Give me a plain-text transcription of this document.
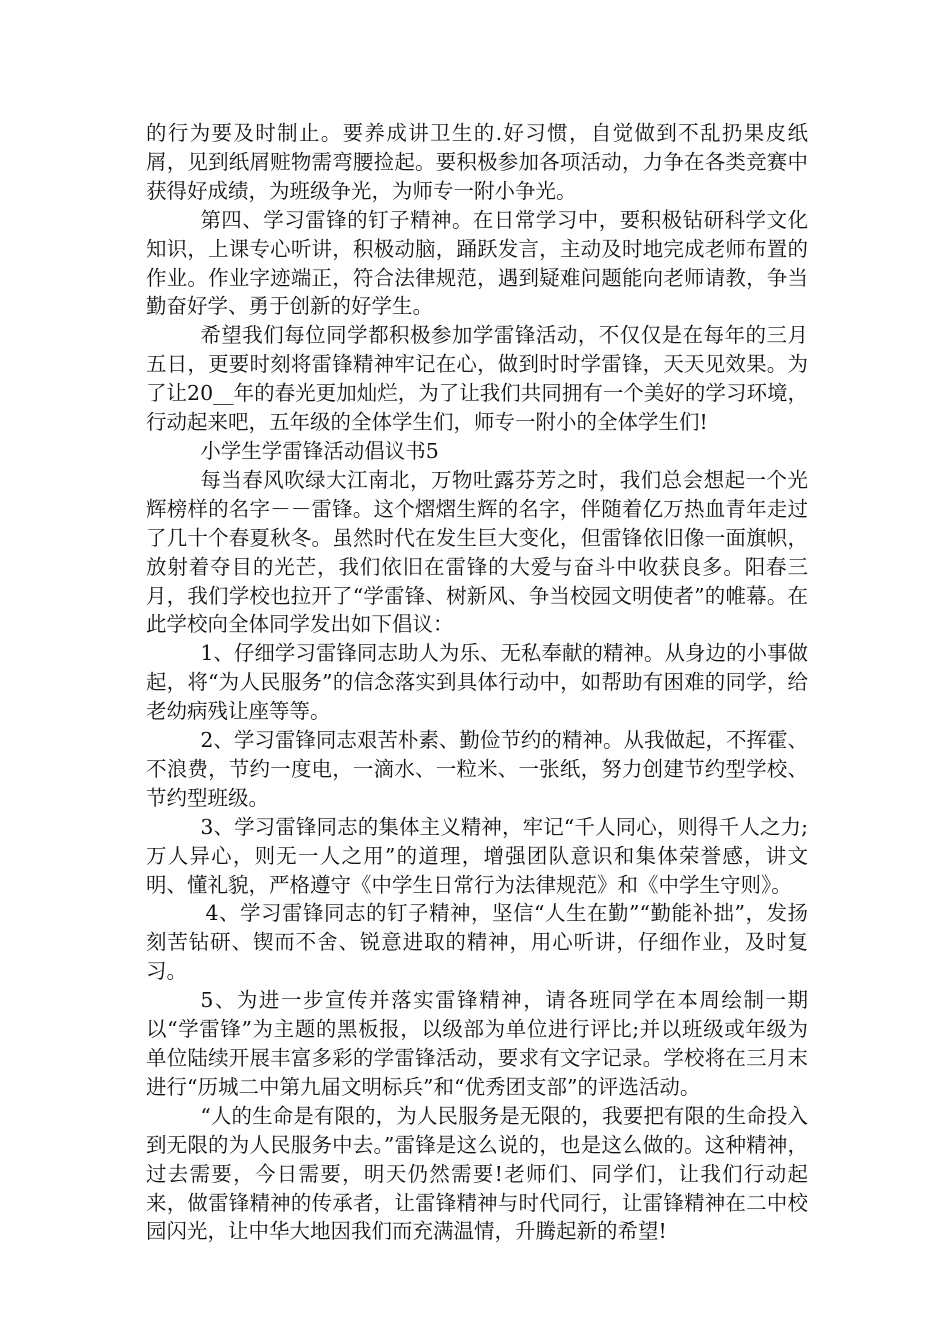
的行为要及时制止。要养成讲卫生的.好习惯，自觉做到不乱扔果皮纸屑，见到纸屑赃物需弯腰捡起。要积极参加各项活动，力争在各类竞赛中获得好成绩，为班级争光，为师专一附小争光。

第四、学习雷锋的钉子精神。在日常学习中，要积极钻研科学文化知识，上课专心听讲，积极动脑，踊跃发言，主动及时地完成老师布置的作业。作业字迹端正，符合法律规范，遇到疑难问题能向老师请教，争当勤奋好学、勇于创新的好学生。

希望我们每位同学都积极参加学雷锋活动，不仅仅是在每年的三月五日，更要时刻将雷锋精神牢记在心，做到时时学雷锋，天天见效果。为了让20__年的春光更加灿烂，为了让我们共同拥有一个美好的学习环境，行动起来吧，五年级的全体学生们，师专一附小的全体学生们!

小学生学雷锋活动倡议书5

每当春风吹绿大江南北，万物吐露芬芳之时，我们总会想起一个光辉榜样的名字－－雷锋。这个熠熠生辉的名字，伴随着亿万热血青年走过了几十个春夏秋冬。虽然时代在发生巨大变化，但雷锋依旧像一面旗帜，放射着夺目的光芒，我们依旧在雷锋的大爱与奋斗中收获良多。阳春三月，我们学校也拉开了“学雷锋、树新风、争当校园文明使者”的帷幕。在此学校向全体同学发出如下倡议：

1、仔细学习雷锋同志助人为乐、无私奉献的精神。从身边的小事做起，将“为人民服务”的信念落实到具体行动中，如帮助有困难的同学，给老幼病残让座等等。

2、学习雷锋同志艰苦朴素、勤俭节约的精神。从我做起，不挥霍、不浪费，节约一度电，一滴水、一粒米、一张纸，努力创建节约型学校、节约型班级。

3、学习雷锋同志的集体主义精神，牢记“千人同心，则得千人之力;万人异心，则无一人之用”的道理，增强团队意识和集体荣誉感，讲文明、懂礼貌，严格遵守《中学生日常行为法律规范》和《中学生守则》。

4、学习雷锋同志的钉子精神，坚信“人生在勤”“勤能补拙”，发扬刻苦钻研、锲而不舍、锐意进取的精神，用心听讲，仔细作业，及时复习。

5、为进一步宣传并落实雷锋精神，请各班同学在本周绘制一期以“学雷锋”为主题的黑板报，以级部为单位进行评比;并以班级或年级为单位陆续开展丰富多彩的学雷锋活动，要求有文字记录。学校将在三月末进行“历城二中第九届文明标兵”和“优秀团支部”的评选活动。

“人的生命是有限的，为人民服务是无限的，我要把有限的生命投入到无限的为人民服务中去。”雷锋是这么说的，也是这么做的。这种精神，过去需要，今日需要，明天仍然需要!老师们、同学们，让我们行动起来，做雷锋精神的传承者，让雷锋精神与时代同行，让雷锋精神在二中校园闪光，让中华大地因我们而充满温情，升腾起新的希望!
